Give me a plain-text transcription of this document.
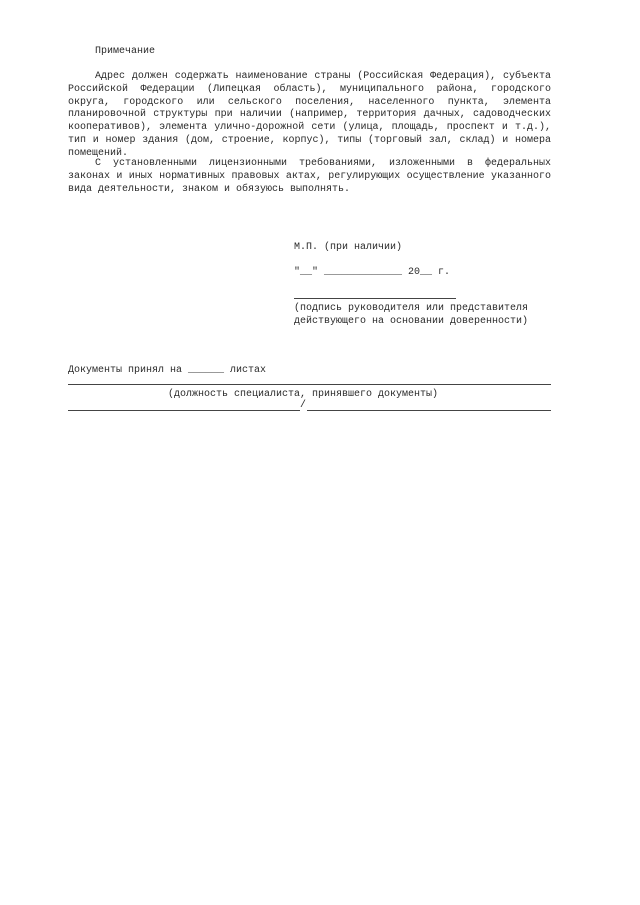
Примечание
Адрес должен содержать наименование страны (Российская Федерация), субъекта Российской Федерации (Липецкая область), муниципального района, городского округа, городского или сельского поселения, населенного пункта, элемента планировочной структуры при наличии (например, территория дачных, садоводческих кооперативов), элемента улично-дорожной сети (улица, площадь, проспект и т.д.), тип и номер здания (дом, строение, корпус), типы (торговый зал, склад) и номера помещений.
С установленными лицензионными требованиями, изложенными в федеральных законах и иных нормативных правовых актах, регулирующих осуществление указанного вида деятельности, знаком и обязуюсь выполнять.
М.П. (при наличии)
"__" _____________ 20__ г.
(подпись руководителя или представителя
действующего на основании доверенности)
Документы принял на ______ листах
(должность специалиста, принявшего документы)
/
